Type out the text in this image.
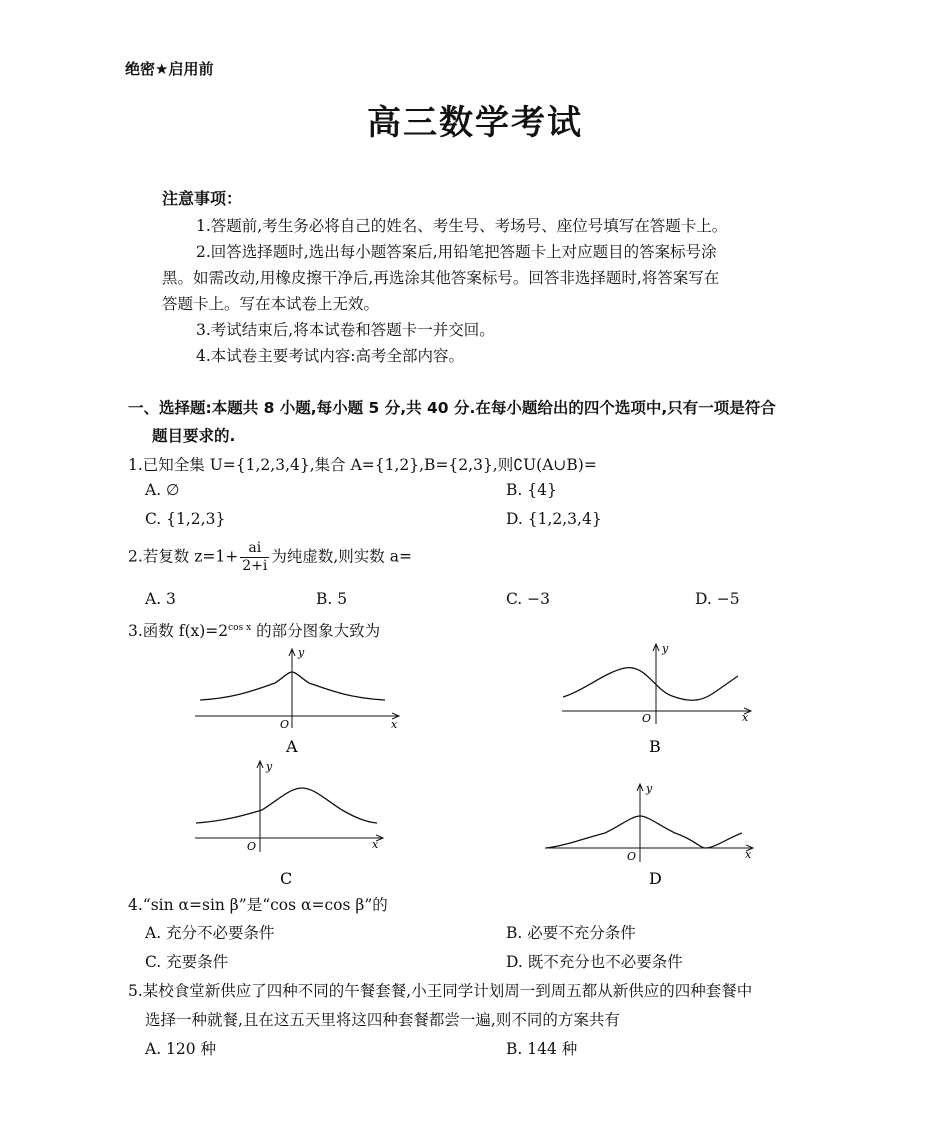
绝密★启用前
高三数学考试
注意事项：
1.答题前,考生务必将自己的姓名、考生号、考场号、座位号填写在答题卡上。
2.回答选择题时,选出每小题答案后,用铅笔把答题卡上对应题目的答案标号涂
黑。如需改动,用橡皮擦干净后,再选涂其他答案标号。回答非选择题时,将答案写在
答题卡上。写在本试卷上无效。
3.考试结束后,将本试卷和答题卡一并交回。
4.本试卷主要考试内容:高考全部内容。
一、选择题:本题共 8 小题,每小题 5 分,共 40 分.在每小题给出的四个选项中,只有一项是符合
题目要求的.
1.已知全集 U={1,2,3,4},集合 A={1,2},B={2,3},则∁U(A∪B)=
A. ∅	B. {4}
C. {1,2,3}	D. {1,2,3,4}
2.若复数 $z=1+ \frac{ai}{2+i}$ 为纯虚数,则实数 a=
A. 3	B. 5	C. −3	D. −5
3.函数 $f(x)=2^{cos x}$ 的部分图象大致为
y
x
O
A
y
x
O
B
y
x
O
C
y
x
O
D
4.“sin α=sin β”是“cos α=cos β”的
A. 充分不必要条件	B. 必要不充分条件
C. 充要条件	D. 既不充分也不必要条件
5.某校食堂新供应了四种不同的午餐套餐,小王同学计划周一到周五都从新供应的四种套餐中
选择一种就餐,且在这五天里将这四种套餐都尝一遍,则不同的方案共有
A. 120 种	B. 144 种
